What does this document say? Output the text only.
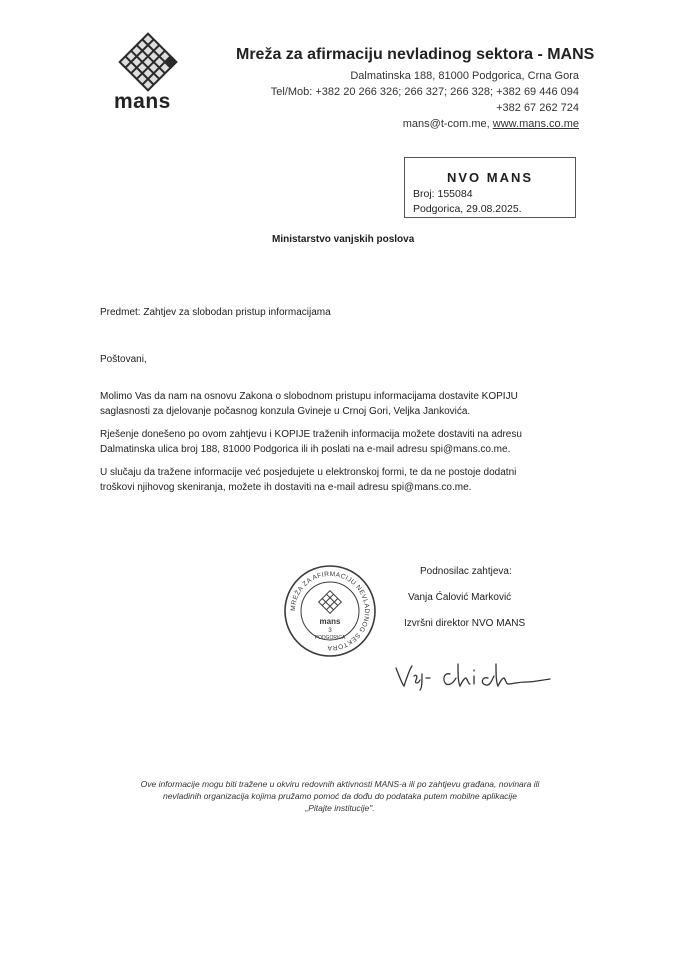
mans
Mreža za afirmaciju nevladinog sektora - MANS
Dalmatinska 188, 81000 Podgorica, Crna Gora
Tel/Mob: +382 20 266 326; 266 327; 266 328; +382 69 446 094
+382 67 262 724
mans@t-com.me, www.mans.co.me
NVO MANS
Broj: 155084
Podgorica, 29.08.2025.
Ministarstvo vanjskih poslova
Predmet: Zahtjev za slobodan pristup informacijama
Poštovani,
Molimo Vas da nam na osnovu Zakona o slobodnom pristupu informacijama dostavite KOPIJU
saglasnosti za djelovanje počasnog konzula Gvineje u Crnoj Gori, Veljka Jankovića.
Rješenje donešeno po ovom zahtjevu i KOPIJE traženih informacija možete dostaviti na adresu
Dalmatinska ulica broj 188, 81000 Podgorica ili ih poslati na e-mail adresu spi@mans.co.me.
U slučaju da tražene informacije već posjedujete u elektronskoj formi, te da ne postoje dodatni
troškovi njihovog skeniranja, možete ih dostaviti na e-mail adresu spi@mans.co.me.
Podnosilac zahtjeva:
Vanja Ćalović Marković
Izvršni direktor NVO MANS
MREŽA ZA AFIRMACIJU NEVLADINOG SEKTORA
mans
3
PODGORICA
Ove informacije mogu biti tražene u okviru redovnih aktivnosti MANS-a ili po zahtjevu građana, novinara ili
nevladinih organizacija kojima pružamo pomoć da dođu do podataka putem mobilne aplikacije
„Pitajte institucije".
